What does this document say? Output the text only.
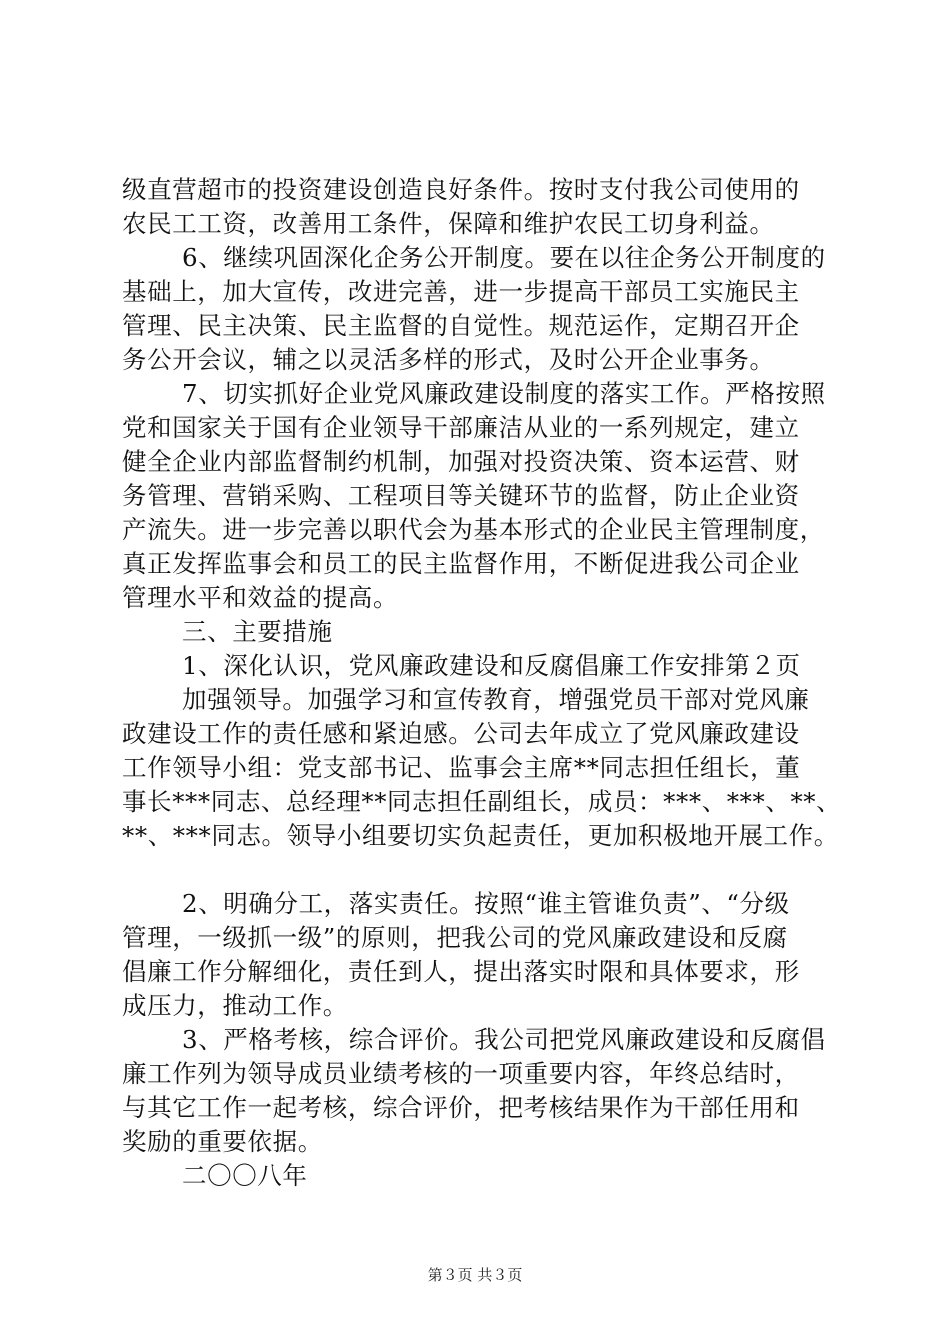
级直营超市的投资建设创造良好条件。按时支付我公司使用的
农民工工资，改善用工条件，保障和维护农民工切身利益。
6、继续巩固深化企务公开制度。要在以往企务公开制度的
基础上，加大宣传，改进完善，进一步提高干部员工实施民主
管理、民主决策、民主监督的自觉性。规范运作，定期召开企
务公开会议，辅之以灵活多样的形式，及时公开企业事务。
7、切实抓好企业党风廉政建设制度的落实工作。严格按照
党和国家关于国有企业领导干部廉洁从业的一系列规定，建立
健全企业内部监督制约机制，加强对投资决策、资本运营、财
务管理、营销采购、工程项目等关键环节的监督，防止企业资
产流失。进一步完善以职代会为基本形式的企业民主管理制度，
真正发挥监事会和员工的民主监督作用，不断促进我公司企业
管理水平和效益的提高。
三、主要措施
1、深化认识，党风廉政建设和反腐倡廉工作安排第２页
加强领导。加强学习和宣传教育，增强党员干部对党风廉
政建设工作的责任感和紧迫感。公司去年成立了党风廉政建设
工作领导小组：党支部书记、监事会主席**同志担任组长，董
事长***同志、总经理**同志担任副组长，成员：***、***、**、
**、***同志。领导小组要切实负起责任，更加积极地开展工作。
2、明确分工，落实责任。按照“谁主管谁负责”、“分级
管理，一级抓一级”的原则，把我公司的党风廉政建设和反腐
倡廉工作分解细化，责任到人，提出落实时限和具体要求，形
成压力，推动工作。
3、严格考核，综合评价。我公司把党风廉政建设和反腐倡
廉工作列为领导成员业绩考核的一项重要内容，年终总结时，
与其它工作一起考核，综合评价，把考核结果作为干部任用和
奖励的重要依据。
二〇〇八年
第３页 共３页
